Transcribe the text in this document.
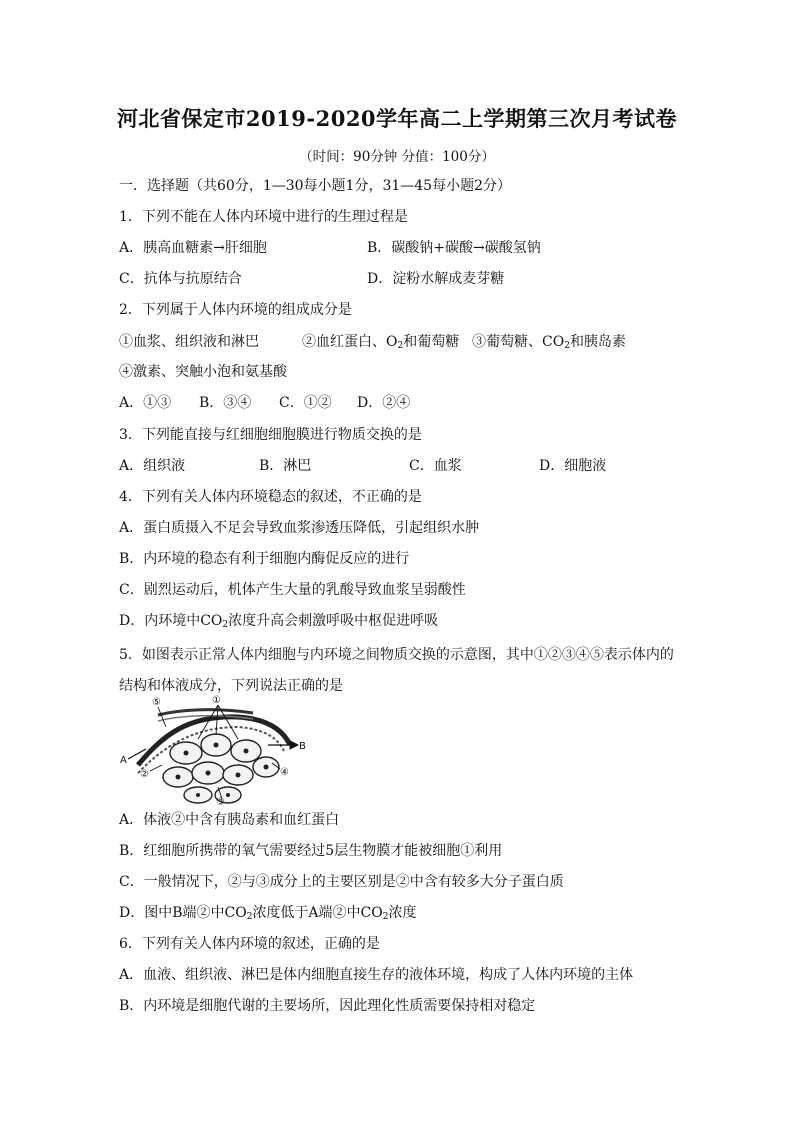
河北省保定市2019-2020学年高二上学期第三次月考试卷
（时间：90分钟 分值：100分）
一．选择题（共60分，1—30每小题1分，31—45每小题2分）
1．下列不能在人体内环境中进行的生理过程是
A．胰高血糖素→肝细胞	B．碳酸钠+碳酸→碳酸氢钠
C．抗体与抗原结合	D．淀粉水解成麦芽糖
2．下列属于人体内环境的组成成分是
①血浆、组织液和淋巴	②血红蛋白、$O_2$和葡萄糖 ③葡萄糖、$CO_2$和胰岛素
④激素、突触小泡和氨基酸
A．①③ B．③④ C．①② D．②④
3．下列能直接与红细胞细胞膜进行物质交换的是
A．组织液	B．淋巴	C．血浆	D．细胞液
4．下列有关人体内环境稳态的叙述，不正确的是
A．蛋白质摄入不足会导致血浆渗透压降低，引起组织水肿
B．内环境的稳态有利于细胞内酶促反应的进行
C．剧烈运动后，机体产生大量的乳酸导致血浆呈弱酸性
D．内环境中$CO_2$浓度升高会刺激呼吸中枢促进呼吸
5．如图表示正常人体内细胞与内环境之间物质交换的示意图，其中①②③④⑤表示体内的
结构和体液成分，下列说法正确的是
①
⑤
②	④
③
A
B
A．体液②中含有胰岛素和血红蛋白
B．红细胞所携带的氧气需要经过5层生物膜才能被细胞①利用
C．一般情况下，②与③成分上的主要区别是②中含有较多大分子蛋白质
D．图中B端②中$CO_2$浓度低于A端②中$CO_2$浓度
6．下列有关人体内环境的叙述，正确的是
A．血液、组织液、淋巴是体内细胞直接生存的液体环境，构成了人体内环境的主体
B．内环境是细胞代谢的主要场所，因此理化性质需要保持相对稳定
